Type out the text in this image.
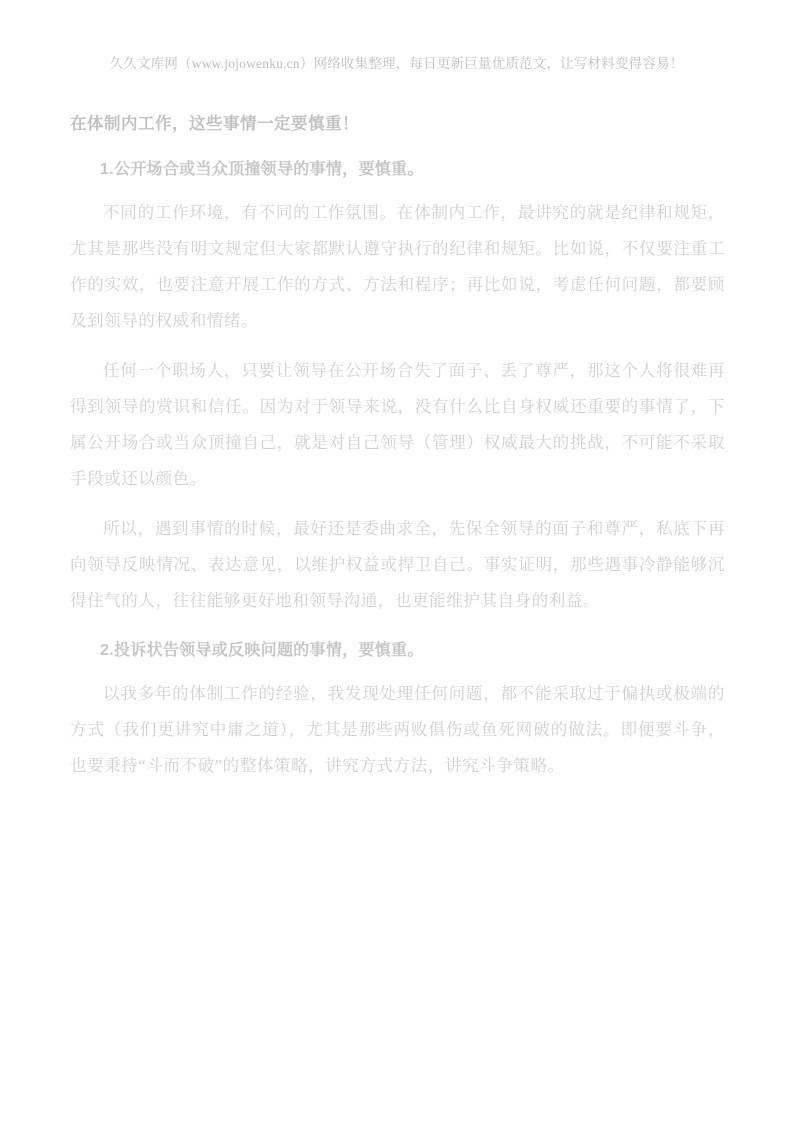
久久文库网（www.jojowenku.cn）网络收集整理，每日更新巨量优质范文，让写材料变得容易！
在体制内工作，这些事情一定要慎重！
1.公开场合或当众顶撞领导的事情，要慎重。

不同的工作环境，有不同的工作氛围。在体制内工作，最讲究的就是纪律和规矩，尤其是那些没有明文规定但大家都默认遵守执行的纪律和规矩。比如说，不仅要注重工作的实效，也要注意开展工作的方式、方法和程序；再比如说，考虑任何问题，都要顾及到领导的权威和情绪。

任何一个职场人，只要让领导在公开场合失了面子、丢了尊严，那这个人将很难再得到领导的赏识和信任。因为对于领导来说，没有什么比自身权威还重要的事情了，下属公开场合或当众顶撞自己，就是对自己领导（管理）权威最大的挑战，不可能不采取手段或还以颜色。

所以，遇到事情的时候，最好还是委曲求全，先保全领导的面子和尊严，私底下再向领导反映情况、表达意见，以维护权益或捍卫自己。事实证明，那些遇事冷静能够沉得住气的人，往往能够更好地和领导沟通，也更能维护其自身的利益。

2.投诉状告领导或反映问题的事情，要慎重。

以我多年的体制工作的经验，我发现处理任何问题，都不能采取过于偏执或极端的方式（我们更讲究中庸之道），尤其是那些两败俱伤或鱼死网破的做法。即便要斗争，也要秉持“斗而不破”的整体策略，讲究方式方法，讲究斗争策略。
